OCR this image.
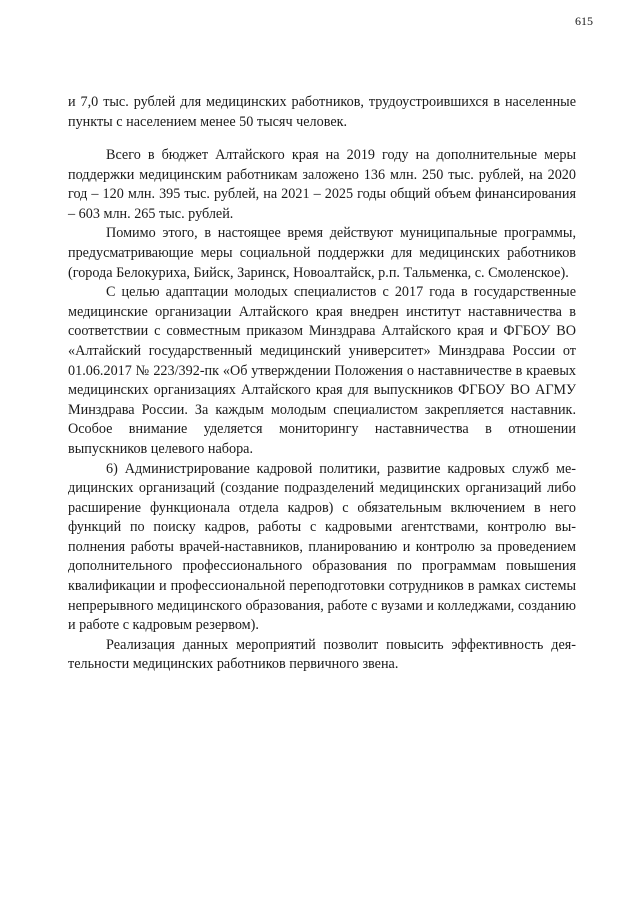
615

и 7,0 тыс. рублей для медицинских работников, трудоустроившихся в населенные пункты с населением менее 50 тысяч человек.

Всего в бюджет Алтайского края на 2019 году на дополнительные меры поддержки медицинским работникам заложено 136 млн. 250 тыс. рублей, на 2020 год – 120 млн. 395 тыс. рублей, на 2021 – 2025 годы общий объем финансирования – 603 млн. 265 тыс. рублей.

Помимо этого, в настоящее время действуют муниципальные программы, предусматривающие меры социальной поддержки для медицинских работников (города Белокуриха, Бийск, Заринск, Новоалтайск, р.п. Тальменка, с. Смоленское).

С целью адаптации молодых специалистов с 2017 года в государственные медицинские организации Алтайского края внедрен институт наставничества в соответствии с совместным приказом Минздрава Алтайского края и ФГБОУ ВО «Алтайский государственный медицинский университет» Минздрава России от 01.06.2017 № 223/392-пк «Об утверждении Положения о наставничестве в краевых медицинских организациях Алтайского края для выпускников ФГБОУ ВО АГМУ Минздрава России. За каждым молодым специалистом закрепляется наставник. Особое внимание уделяется мониторингу наставничества в отношении выпускников целевого набора.

6) Администрирование кадровой политики, развитие кадровых служб медицинских организаций (создание подразделений медицинских организаций либо расширение функционала отдела кадров) с обязательным включением в него функций по поиску кадров, работы с кадровыми агентствами, контролю выполнения работы врачей-наставников, планированию и контролю за проведением дополнительного профессионального образования по программам повышения квалификации и профессиональной переподготовки сотрудников в рамках системы непрерывного медицинского образования, работе с вузами и колледжами, созданию и работе с кадровым резервом).

Реализация данных мероприятий позволит повысить эффективность деятельности медицинских работников первичного звена.
